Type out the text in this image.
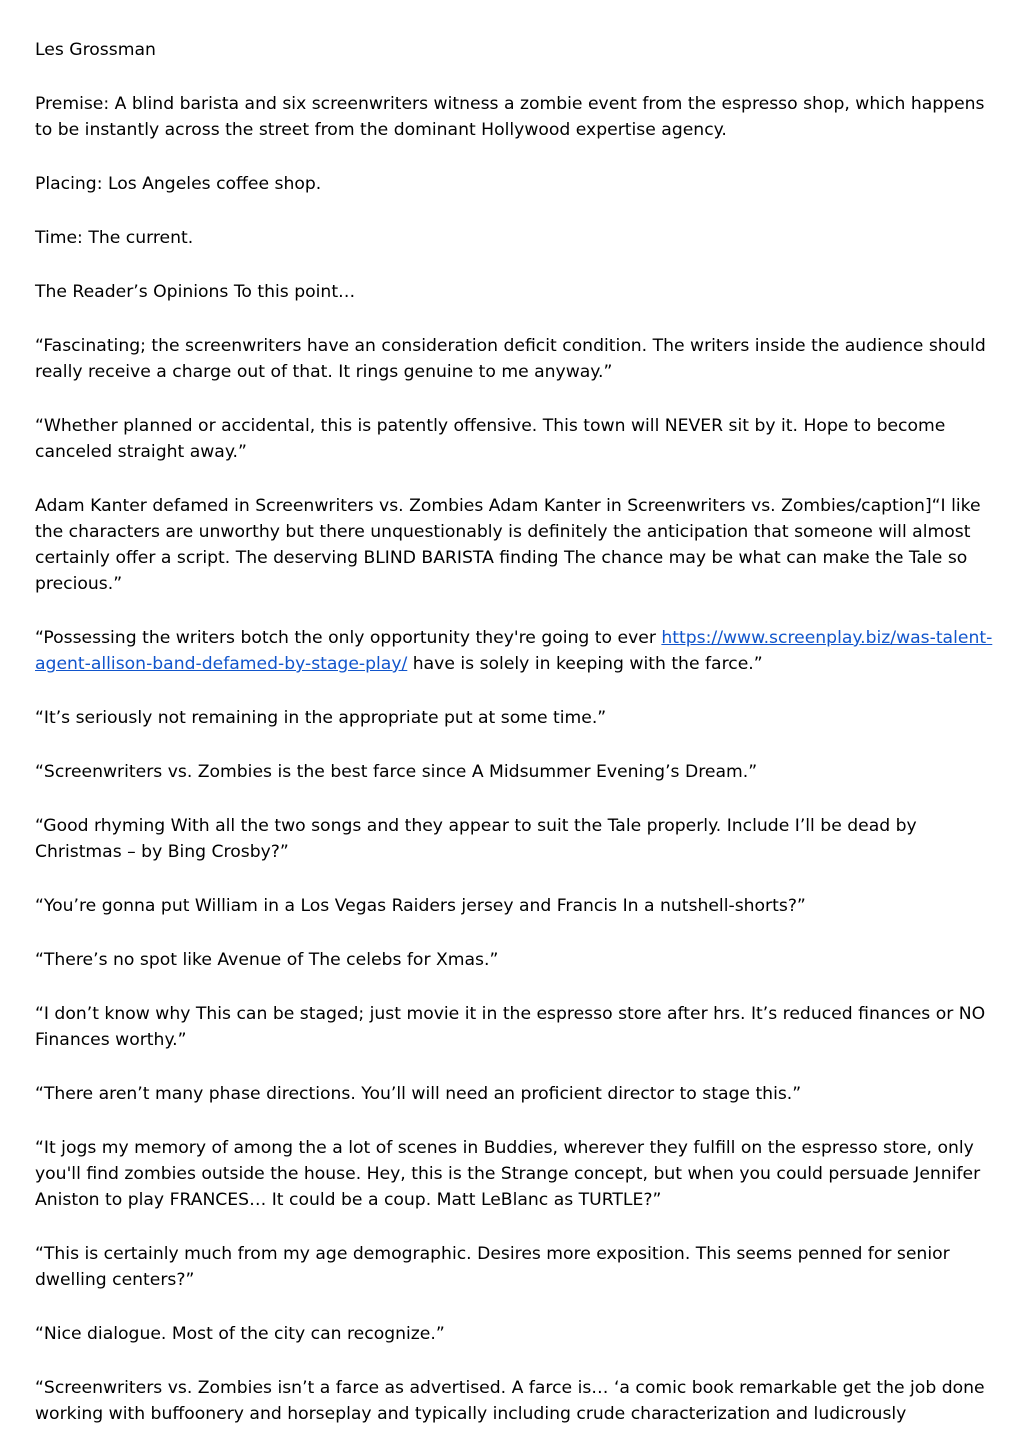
Les Grossman

Premise: A blind barista and six screenwriters witness a zombie event from the espresso shop, which happens to be instantly across the street from the dominant Hollywood expertise agency.

Placing: Los Angeles coffee shop.

Time: The current.

The Reader’s Opinions To this point…

“Fascinating; the screenwriters have an consideration deficit condition. The writers inside the audience should really receive a charge out of that. It rings genuine to me anyway.”

“Whether planned or accidental, this is patently offensive. This town will NEVER sit by it. Hope to become canceled straight away.”

Adam Kanter defamed in Screenwriters vs. Zombies Adam Kanter in Screenwriters vs. Zombies/caption]“I like the characters are unworthy but there unquestionably is definitely the anticipation that someone will almost certainly offer a script. The deserving BLIND BARISTA finding The chance may be what can make the Tale so precious.”

“Possessing the writers botch the only opportunity they're going to ever https://www.screenplay.biz/was-talent-agent-allison-band-defamed-by-stage-play/ have is solely in keeping with the farce.”

“It’s seriously not remaining in the appropriate put at some time.”

“Screenwriters vs. Zombies is the best farce since A Midsummer Evening’s Dream.”

“Good rhyming With all the two songs and they appear to suit the Tale properly. Include I’ll be dead by Christmas – by Bing Crosby?”

“You’re gonna put William in a Los Vegas Raiders jersey and Francis In a nutshell-shorts?”

“There’s no spot like Avenue of The celebs for Xmas.”

“I don’t know why This can be staged; just movie it in the espresso store after hrs. It’s reduced finances or NO Finances worthy.”

“There aren’t many phase directions. You’ll will need an proficient director to stage this.”

“It jogs my memory of among the a lot of scenes in Buddies, wherever they fulfill on the espresso store, only you'll find zombies outside the house. Hey, this is the Strange concept, but when you could persuade Jennifer Aniston to play FRANCES… It could be a coup. Matt LeBlanc as TURTLE?”

“This is certainly much from my age demographic. Desires more exposition. This seems penned for senior dwelling centers?”

“Nice dialogue. Most of the city can recognize.”

“Screenwriters vs. Zombies isn’t a farce as advertised. A farce is… ‘a comic book remarkable get the job done working with buffoonery and horseplay and typically including crude characterization and ludicrously
